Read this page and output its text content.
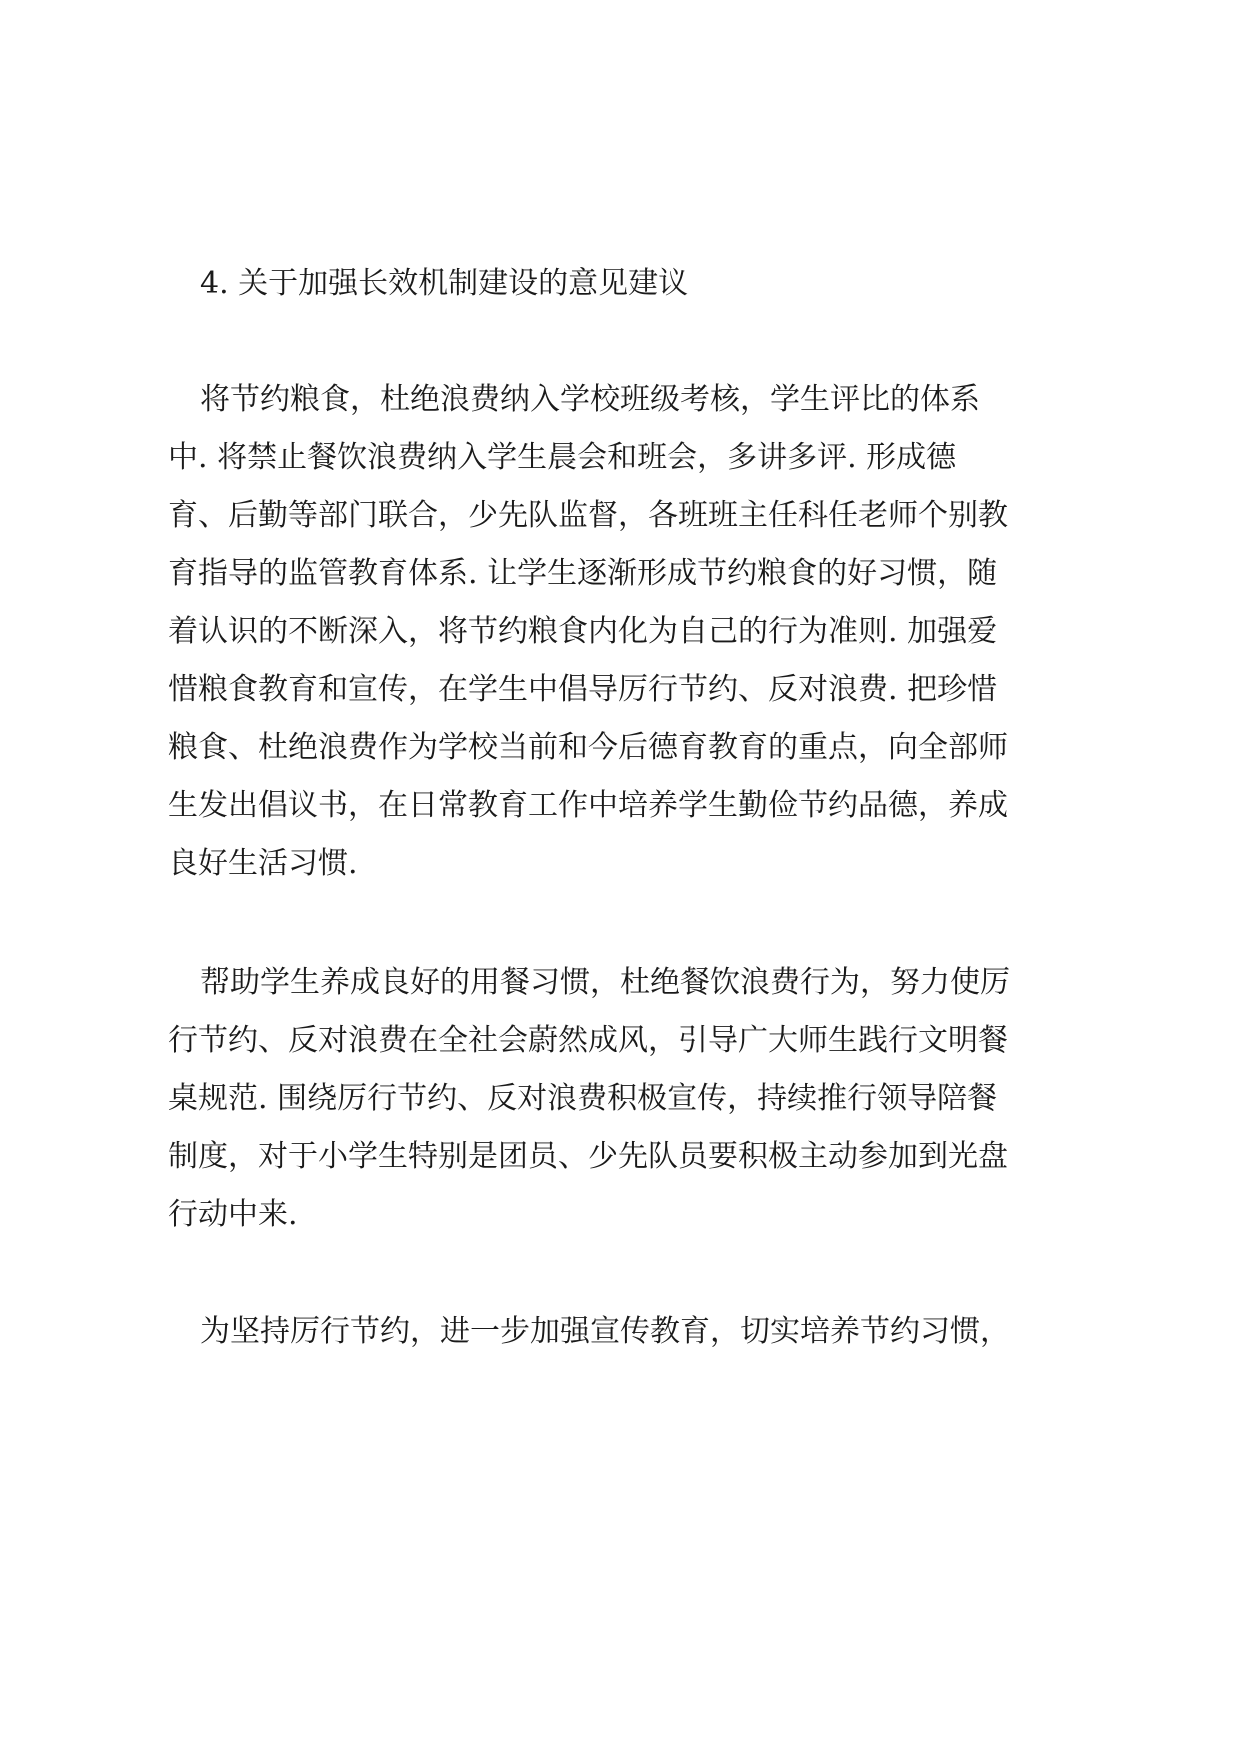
4. 关于加强长效机制建设的意见建议
将节约粮食，杜绝浪费纳入学校班级考核，学生评比的体系
中. 将禁止餐饮浪费纳入学生晨会和班会，多讲多评. 形成德
育、后勤等部门联合，少先队监督，各班班主任科任老师个别教
育指导的监管教育体系. 让学生逐渐形成节约粮食的好习惯，随
着认识的不断深入，将节约粮食内化为自己的行为准则. 加强爱
惜粮食教育和宣传，在学生中倡导厉行节约、反对浪费. 把珍惜
粮食、杜绝浪费作为学校当前和今后德育教育的重点，向全部师
生发出倡议书，在日常教育工作中培养学生勤俭节约品德，养成
良好生活习惯.
帮助学生养成良好的用餐习惯，杜绝餐饮浪费行为，努力使厉
行节约、反对浪费在全社会蔚然成风，引导广大师生践行文明餐
桌规范. 围绕厉行节约、反对浪费积极宣传，持续推行领导陪餐
制度，对于小学生特别是团员、少先队员要积极主动参加到光盘
行动中来.
为坚持厉行节约，进一步加强宣传教育，切实培养节约习惯，
